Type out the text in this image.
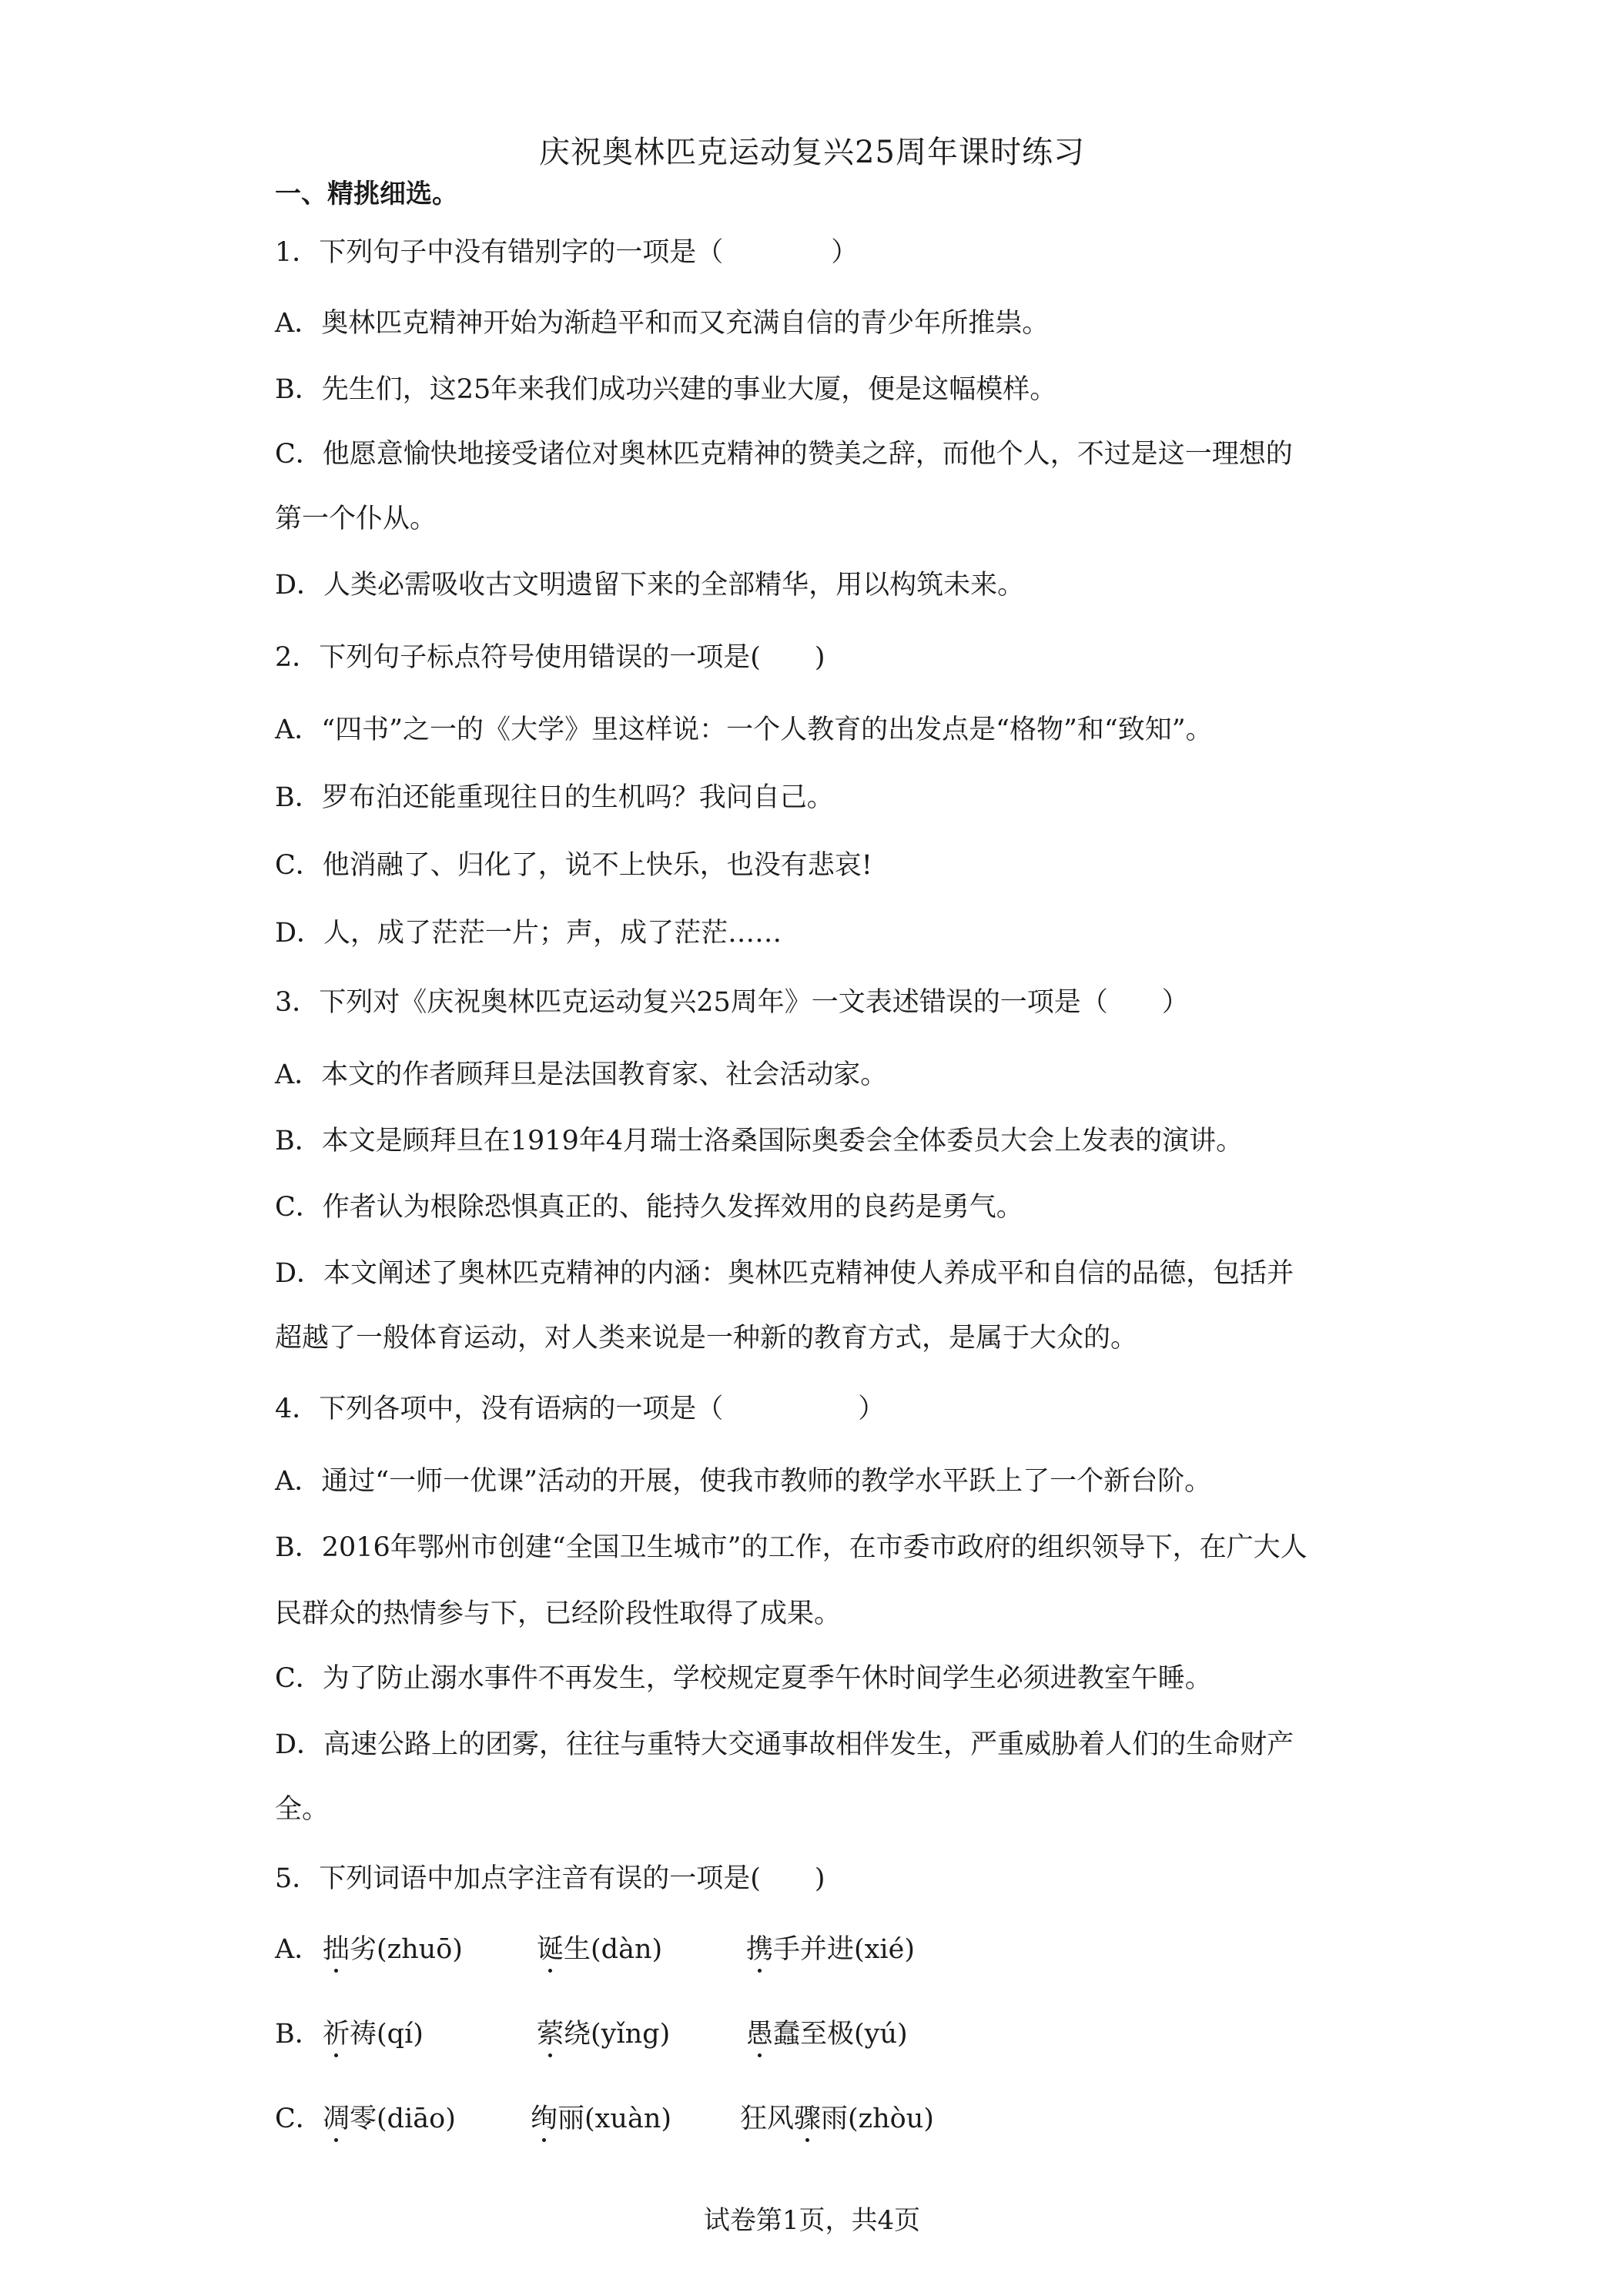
庆祝奥林匹克运动复兴25周年课时练习
一、精挑细选。
1．下列句子中没有错别字的一项是（　　　　）
A．奥林匹克精神开始为渐趋平和而又充满自信的青少年所推祟。
B．先生们，这25年来我们成功兴建的事业大厦，便是这幅模样。
C．他愿意愉快地接受诸位对奥林匹克精神的赞美之辞，而他个人，不过是这一理想的
第一个仆从。
D．人类必需吸收古文明遗留下来的全部精华，用以构筑未来。
2．下列句子标点符号使用错误的一项是(　　)
A．“四书”之一的《大学》里这样说：一个人教育的出发点是“格物”和“致知”。
B．罗布泊还能重现往日的生机吗？我问自己。
C．他消融了、归化了，说不上快乐，也没有悲哀!
D．人，成了茫茫一片；声，成了茫茫……
3．下列对《庆祝奥林匹克运动复兴25周年》一文表述错误的一项是（　　）
A．本文的作者顾拜旦是法国教育家、社会活动家。
B．本文是顾拜旦在1919年4月瑞士洛桑国际奥委会全体委员大会上发表的演讲。
C．作者认为根除恐惧真正的、能持久发挥效用的良药是勇气。
D．本文阐述了奥林匹克精神的内涵：奥林匹克精神使人养成平和自信的品德，包括并
超越了一般体育运动，对人类来说是一种新的教育方式，是属于大众的。
4．下列各项中，没有语病的一项是（　　　　　）
A．通过“一师一优课”活动的开展，使我市教师的教学水平跃上了一个新台阶。
B．2016年鄂州市创建“全国卫生城市”的工作，在市委市政府的组织领导下，在广大人
民群众的热情参与下，已经阶段性取得了成果。
C．为了防止溺水事件不再发生，学校规定夏季午休时间学生必须进教室午睡。
D．高速公路上的团雾，往往与重特大交通事故相伴发生，严重威胁着人们的生命财产
全。
5．下列词语中加点字注音有误的一项是(　　)
A． 拙劣(zhuō)	诞生(dàn)	携手并进(xié)
B． 祈祷(qí)	萦绕(yǐng)	愚蠢至极(yú)
C． 凋零(diāo)	绚丽(xuàn)	狂风骤雨(zhòu)
试卷第1页，共4页
